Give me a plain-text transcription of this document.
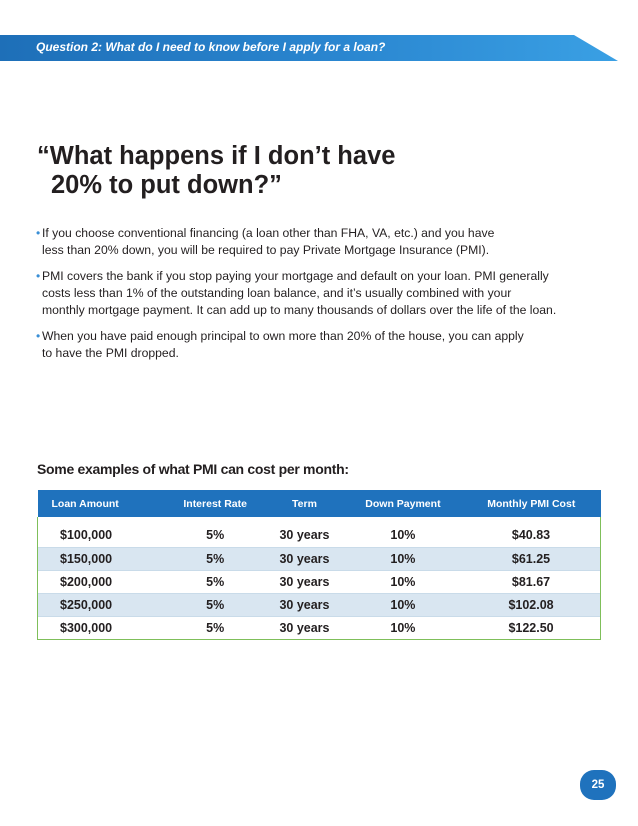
Question 2: What do I need to know before I apply for a loan?
“What happens if I don’t have
20% to put down?”
• If you choose conventional financing (a loan other than FHA, VA, etc.) and you have
less than 20% down, you will be required to pay Private Mortgage Insurance (PMI).
• PMI covers the bank if you stop paying your mortgage and default on your loan. PMI generally
costs less than 1% of the outstanding loan balance, and it’s usually combined with your
monthly mortgage payment. It can add up to many thousands of dollars over the life of the loan.
• When you have paid enough principal to own more than 20% of the house, you can apply
to have the PMI dropped.
Some examples of what PMI can cost per month:
Loan Amount	Interest Rate	Term	Down Payment	Monthly PMI Cost
$100,000	5%	30 years	10%	$40.83
$150,000	5%	30 years	10%	$61.25
$200,000	5%	30 years	10%	$81.67
$250,000	5%	30 years	10%	$102.08
$300,000	5%	30 years	10%	$122.50
25
